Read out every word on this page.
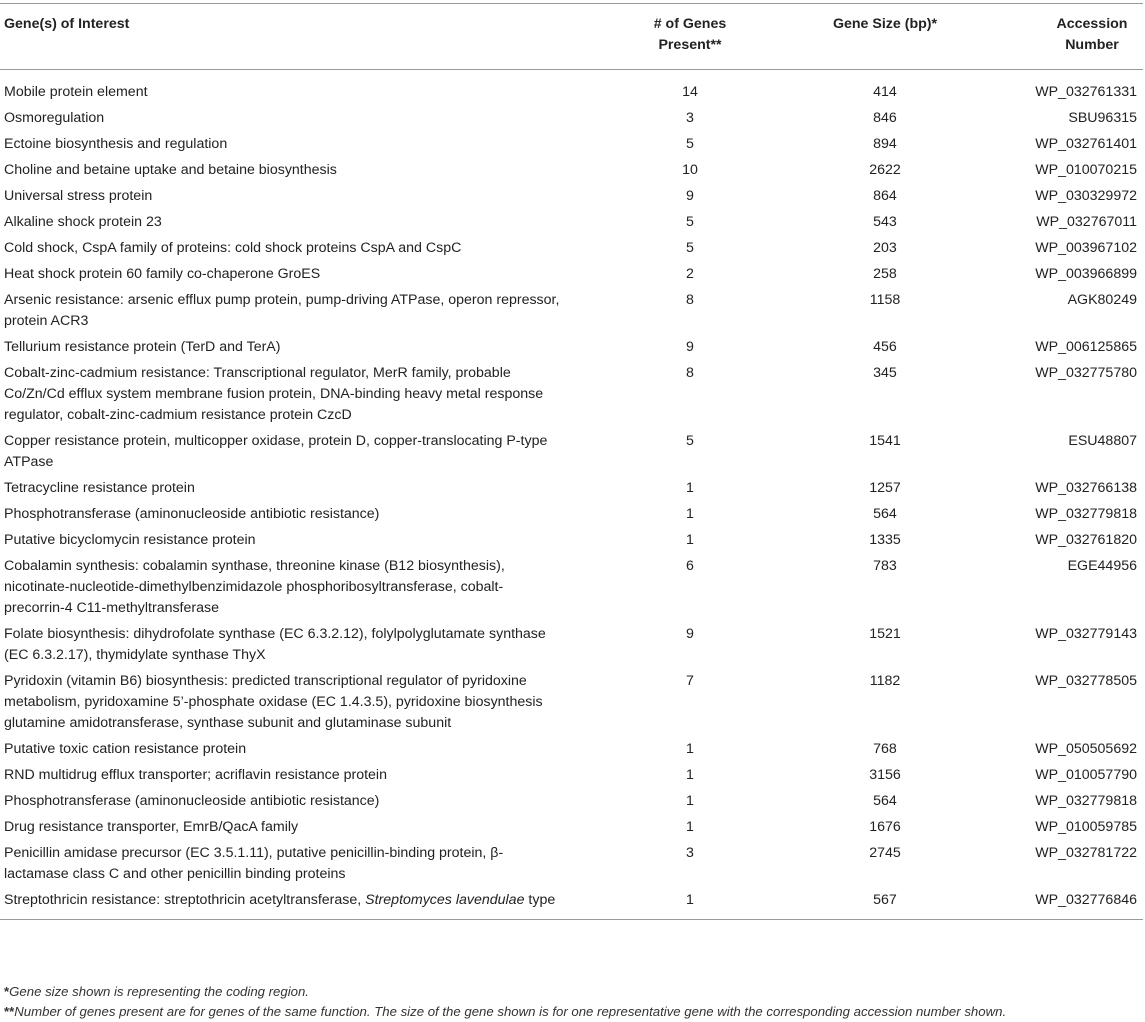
Gene(s) of Interest	# of Genes Present**	Gene Size (bp)*	Accession Number
Mobile protein element	14	414	WP_032761331
Osmoregulation	3	846	SBU96315
Ectoine biosynthesis and regulation	5	894	WP_032761401
Choline and betaine uptake and betaine biosynthesis	10	2622	WP_010070215
Universal stress protein	9	864	WP_030329972
Alkaline shock protein 23	5	543	WP_032767011
Cold shock, CspA family of proteins: cold shock proteins CspA and CspC	5	203	WP_003967102
Heat shock protein 60 family co-chaperone GroES	2	258	WP_003966899
Arsenic resistance: arsenic efflux pump protein, pump-driving ATPase, operon repressor, protein ACR3	8	1158	AGK80249
Tellurium resistance protein (TerD and TerA)	9	456	WP_006125865
Cobalt-zinc-cadmium resistance: Transcriptional regulator, MerR family, probable Co/Zn/Cd efflux system membrane fusion protein, DNA-binding heavy metal response regulator, cobalt-zinc-cadmium resistance protein CzcD	8	345	WP_032775780
Copper resistance protein, multicopper oxidase, protein D, copper-translocating P-type ATPase	5	1541	ESU48807
Tetracycline resistance protein	1	1257	WP_032766138
Phosphotransferase (aminonucleoside antibiotic resistance)	1	564	WP_032779818
Putative bicyclomycin resistance protein	1	1335	WP_032761820
Cobalamin synthesis: cobalamin synthase, threonine kinase (B12 biosynthesis), nicotinate-nucleotide-dimethylbenzimidazole phosphoribosyltransferase, cobalt-precorrin-4 C11-methyltransferase	6	783	EGE44956
Folate biosynthesis: dihydrofolate synthase (EC 6.3.2.12), folylpolyglutamate synthase (EC 6.3.2.17), thymidylate synthase ThyX	9	1521	WP_032779143
Pyridoxin (vitamin B6) biosynthesis: predicted transcriptional regulator of pyridoxine metabolism, pyridoxamine 5’-phosphate oxidase (EC 1.4.3.5), pyridoxine biosynthesis glutamine amidotransferase, synthase subunit and glutaminase subunit	7	1182	WP_032778505
Putative toxic cation resistance protein	1	768	WP_050505692
RND multidrug efflux transporter; acriflavin resistance protein	1	3156	WP_010057790
Phosphotransferase (aminonucleoside antibiotic resistance)	1	564	WP_032779818
Drug resistance transporter, EmrB/QacA family	1	1676	WP_010059785
Penicillin amidase precursor (EC 3.5.1.11), putative penicillin-binding protein, β-lactamase class C and other penicillin binding proteins	3	2745	WP_032781722
Streptothricin resistance: streptothricin acetyltransferase, Streptomyces lavendulae type	1	567	WP_032776846
*Gene size shown is representing the coding region.
**Number of genes present are for genes of the same function. The size of the gene shown is for one representative gene with the corresponding accession number shown.
